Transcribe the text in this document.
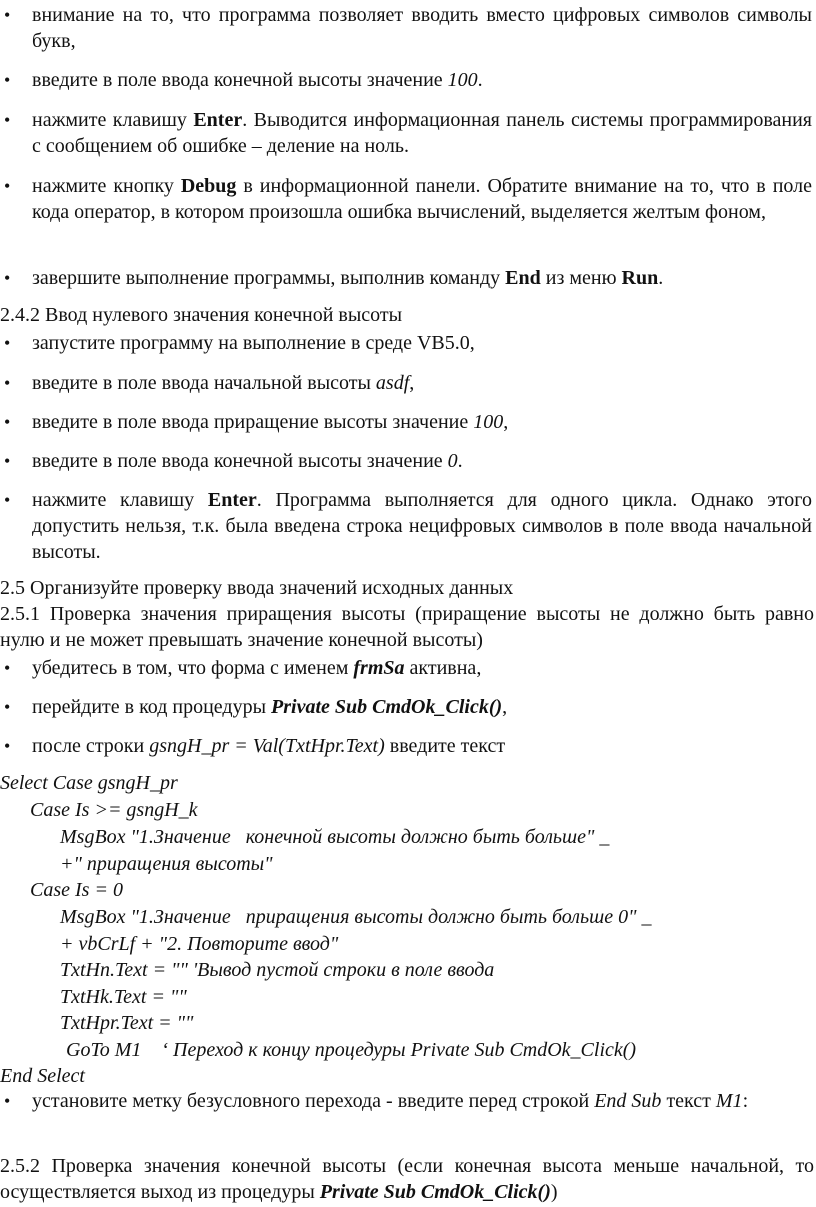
• внимание на то, что программа позволяет вводить вместо цифровых символов символы букв,
• введите в поле ввода конечной высоты значение 100.
• нажмите клавишу Enter. Выводится информационная панель системы программирования с сообщением об ошибке – деление на ноль.
• нажмите кнопку Debug в информационной панели. Обратите внимание на то, что в поле кода оператор, в котором произошла ошибка вычислений, выделяется желтым фоном,
• завершите выполнение программы, выполнив команду End из меню Run.
2.4.2 Ввод нулевого значения конечной высоты
• запустите программу на выполнение в среде VB5.0,
• введите в поле ввода начальной высоты asdf,
• введите в поле ввода приращение высоты значение 100,
• введите в поле ввода конечной высоты значение 0.
• нажмите клавишу Enter. Программа выполняется для одного цикла. Однако этого допустить нельзя, т.к. была введена строка нецифровых символов в поле ввода начальной высоты.
2.5 Организуйте проверку ввода значений исходных данных
2.5.1 Проверка значения приращения высоты (приращение высоты не должно быть равно нулю и не может превышать значение конечной высоты)
• убедитесь в том, что форма с именем frmSa активна,
• перейдите в код процедуры Private Sub CmdOk_Click(),
• после строки gsngH_pr = Val(TxtHpr.Text) введите текст
Select Case gsngH_pr
Case Is >= gsngH_k
MsgBox "1.Значение   конечной высоты должно быть больше" _
+" приращения высоты"
Case Is = 0
MsgBox "1.Значение   приращения высоты должно быть больше 0" _
+ vbCrLf + "2. Повторите ввод"
TxtHn.Text = "" 'Вывод пустой строки в поле ввода
TxtHk.Text = ""
TxtHpr.Text = ""
GoTo M1    ‘ Переход к концу процедуры Private Sub CmdOk_Click()
End Select
• установите метку безусловного перехода - введите перед строкой End Sub текст M1:
2.5.2 Проверка значения конечной высоты (если конечная высота меньше начальной, то осуществляется выход из процедуры Private Sub CmdOk_Click())
